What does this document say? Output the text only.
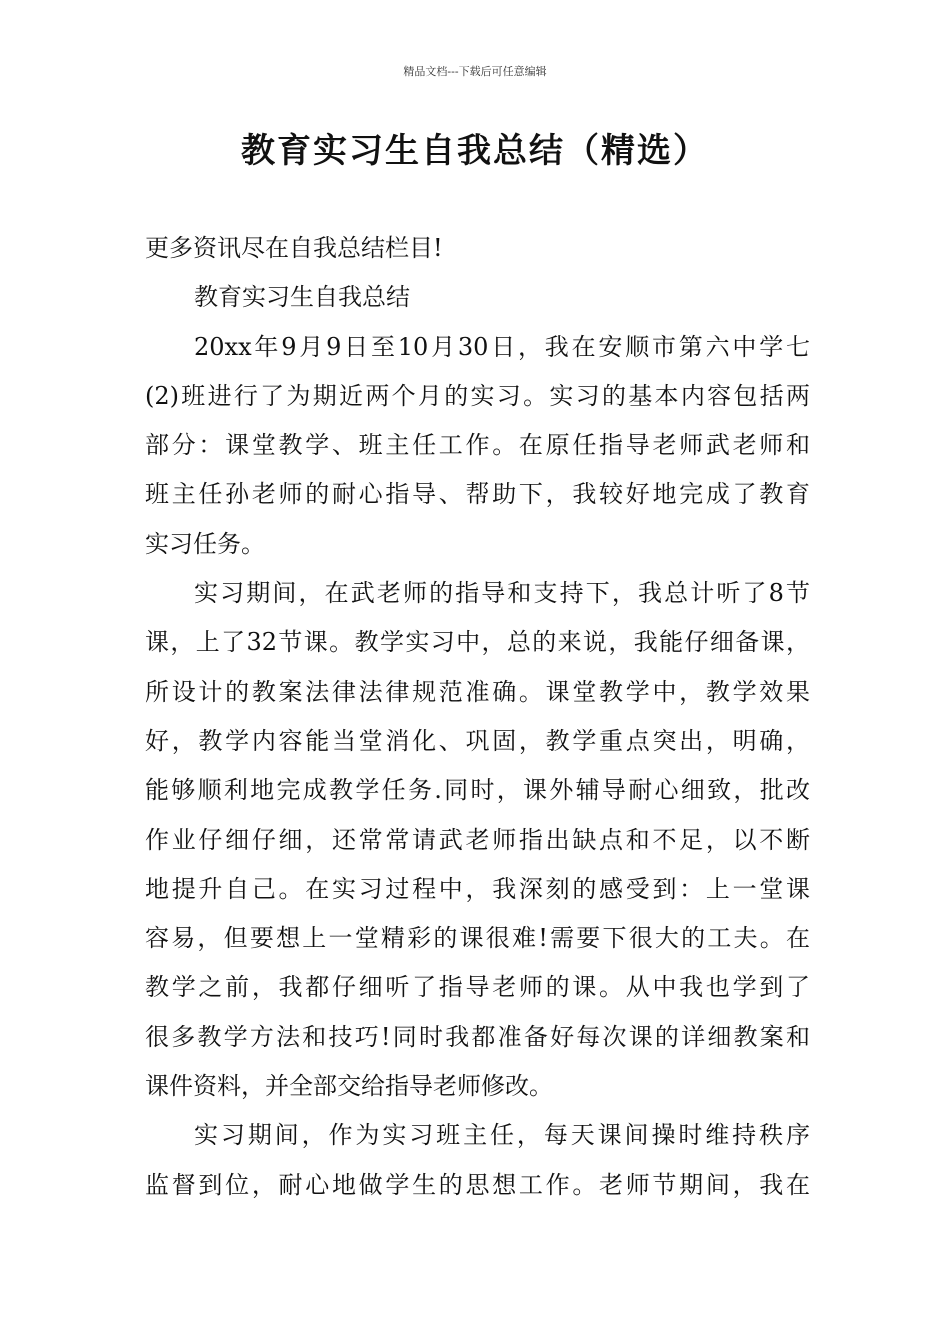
精品文档---下载后可任意编辑
教育实习生自我总结（精选）
更多资讯尽在自我总结栏目!
教育实习生自我总结
20xx年9月9日至10月30日，我在安顺市第六中学七
(2)班进行了为期近两个月的实习。实习的基本内容包括两
部分：课堂教学、班主任工作。在原任指导老师武老师和
班主任孙老师的耐心指导、帮助下，我较好地完成了教育
实习任务。
实习期间，在武老师的指导和支持下，我总计听了8节
课，上了32节课。教学实习中，总的来说，我能仔细备课，
所设计的教案法律法律规范准确。课堂教学中，教学效果
好，教学内容能当堂消化、巩固，教学重点突出，明确，
能够顺利地完成教学任务.同时，课外辅导耐心细致，批改
作业仔细仔细，还常常请武老师指出缺点和不足，以不断
地提升自己。在实习过程中，我深刻的感受到：上一堂课
容易，但要想上一堂精彩的课很难!需要下很大的工夫。在
教学之前，我都仔细听了指导老师的课。从中我也学到了
很多教学方法和技巧!同时我都准备好每次课的详细教案和
课件资料，并全部交给指导老师修改。
实习期间，作为实习班主任，每天课间操时维持秩序
监督到位，耐心地做学生的思想工作。老师节期间，我在
